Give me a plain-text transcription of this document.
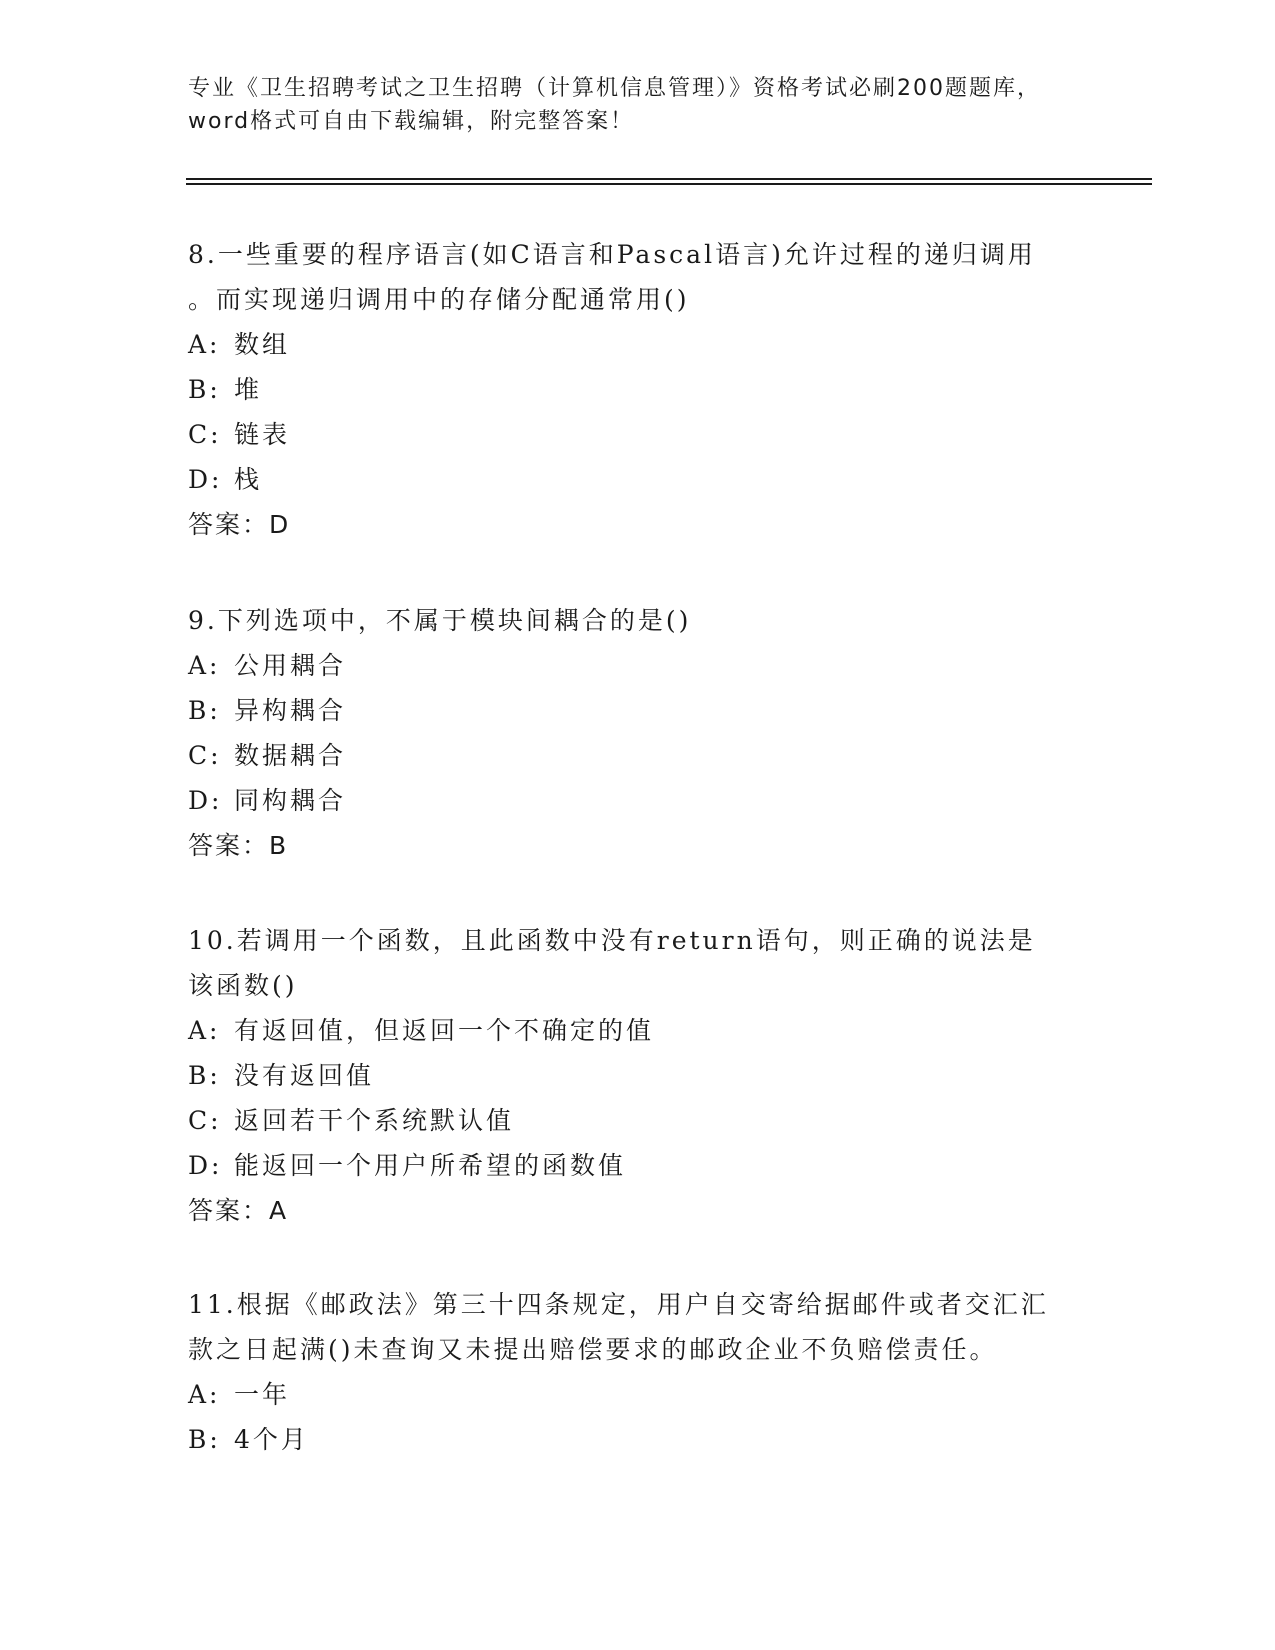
专业《卫生招聘考试之卫生招聘（计算机信息管理）》资格考试必刷200题题库，

word格式可自由下载编辑，附完整答案！

8.一些重要的程序语言(如C语言和Pascal语言)允许过程的递归调用

。而实现递归调用中的存储分配通常用()

A: 数组

B: 堆

C: 链表

D: 栈

答案：D

9.下列选项中，不属于模块间耦合的是()

A: 公用耦合

B: 异构耦合

C: 数据耦合

D: 同构耦合

答案：B

10.若调用一个函数，且此函数中没有return语句，则正确的说法是

该函数()

A: 有返回值，但返回一个不确定的值

B: 没有返回值

C: 返回若干个系统默认值

D: 能返回一个用户所希望的函数值

答案：A

11.根据《邮政法》第三十四条规定，用户自交寄给据邮件或者交汇汇

款之日起满()未查询又未提出赔偿要求的邮政企业不负赔偿责任。

A: 一年

B: 4个月
